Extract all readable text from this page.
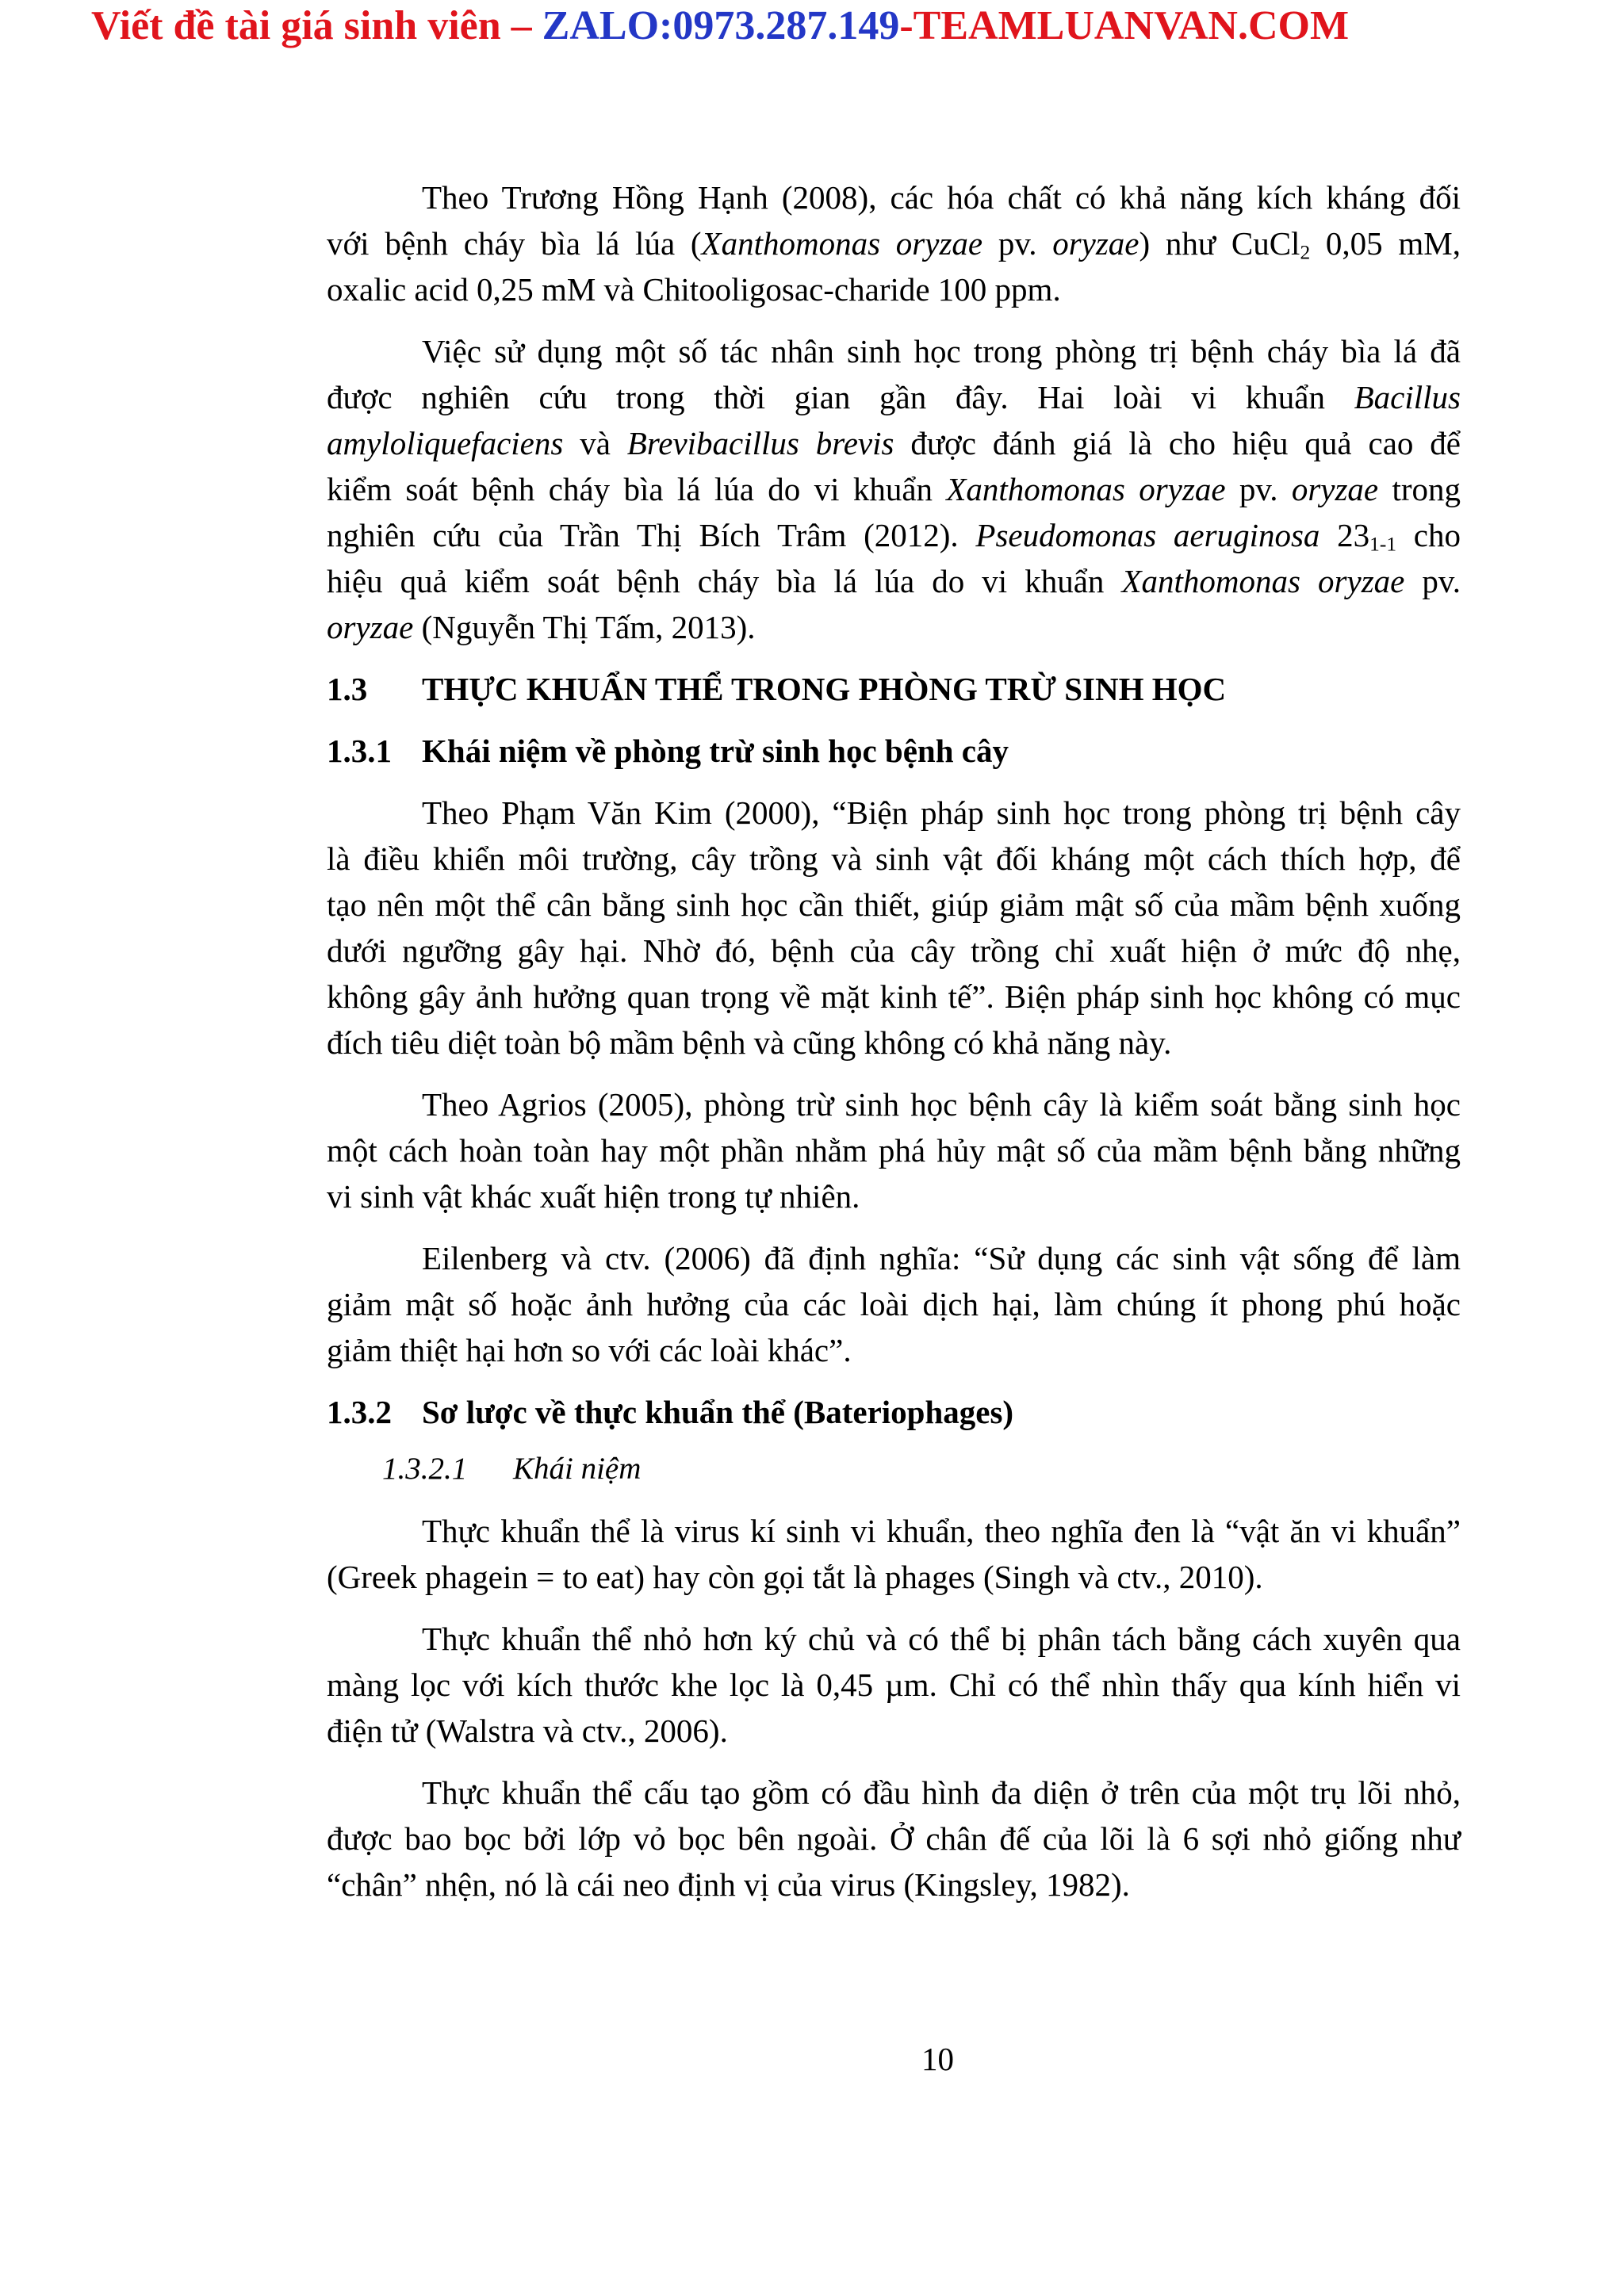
Viết đề tài giá sinh viên – ZALO:0973.287.149-TEAMLUANVAN.COM
Theo Trương Hồng Hạnh (2008), các hóa chất có khả năng kích kháng đối
với bệnh cháy bìa lá lúa (Xanthomonas oryzae pv. oryzae) như CuCl$_2$ 0,05 mM,
oxalic acid 0,25 mM và Chitooligosac-charide 100 ppm.
Việc sử dụng một số tác nhân sinh học trong phòng trị bệnh cháy bìa lá đã
được nghiên cứu trong thời gian gần đây. Hai loài vi khuẩn Bacillus
amyloliquefaciens và Brevibacillus brevis được đánh giá là cho hiệu quả cao để
kiểm soát bệnh cháy bìa lá lúa do vi khuẩn Xanthomonas oryzae pv. oryzae trong
nghiên cứu của Trần Thị Bích Trâm (2012). Pseudomonas aeruginosa $23_{1-1}$ cho
hiệu quả kiểm soát bệnh cháy bìa lá lúa do vi khuẩn Xanthomonas oryzae pv.
oryzae (Nguyễn Thị Tấm, 2013).
1.3	THỰC KHUẨN THỂ TRONG PHÒNG TRỪ SINH HỌC
1.3.1 Khái niệm về phòng trừ sinh học bệnh cây
Theo Phạm Văn Kim (2000), “Biện pháp sinh học trong phòng trị bệnh cây
là điều khiển môi trường, cây trồng và sinh vật đối kháng một cách thích hợp, để
tạo nên một thể cân bằng sinh học cần thiết, giúp giảm mật số của mầm bệnh xuống
dưới ngưỡng gây hại. Nhờ đó, bệnh của cây trồng chỉ xuất hiện ở mức độ nhẹ,
không gây ảnh hưởng quan trọng về mặt kinh tế”. Biện pháp sinh học không có mục
đích tiêu diệt toàn bộ mầm bệnh và cũng không có khả năng này.
Theo Agrios (2005), phòng trừ sinh học bệnh cây là kiểm soát bằng sinh học
một cách hoàn toàn hay một phần nhằm phá hủy mật số của mầm bệnh bằng những
vi sinh vật khác xuất hiện trong tự nhiên.
Eilenberg và ctv. (2006) đã định nghĩa: “Sử dụng các sinh vật sống để làm
giảm mật số hoặc ảnh hưởng của các loài dịch hại, làm chúng ít phong phú hoặc
giảm thiệt hại hơn so với các loài khác”.
1.3.2 Sơ lược về thực khuẩn thể (Bateriophages)
1.3.2.1	Khái niệm
Thực khuẩn thể là virus kí sinh vi khuẩn, theo nghĩa đen là “vật ăn vi khuẩn”
(Greek phagein = to eat) hay còn gọi tắt là phages (Singh và ctv., 2010).
Thực khuẩn thể nhỏ hơn ký chủ và có thể bị phân tách bằng cách xuyên qua
màng lọc với kích thước khe lọc là 0,45 µm. Chỉ có thể nhìn thấy qua kính hiển vi
điện tử (Walstra và ctv., 2006).
Thực khuẩn thể cấu tạo gồm có đầu hình đa diện ở trên của một trụ lõi nhỏ,
được bao bọc bởi lớp vỏ bọc bên ngoài. Ở chân đế của lõi là 6 sợi nhỏ giống như
“chân” nhện, nó là cái neo định vị của virus (Kingsley, 1982).
10
